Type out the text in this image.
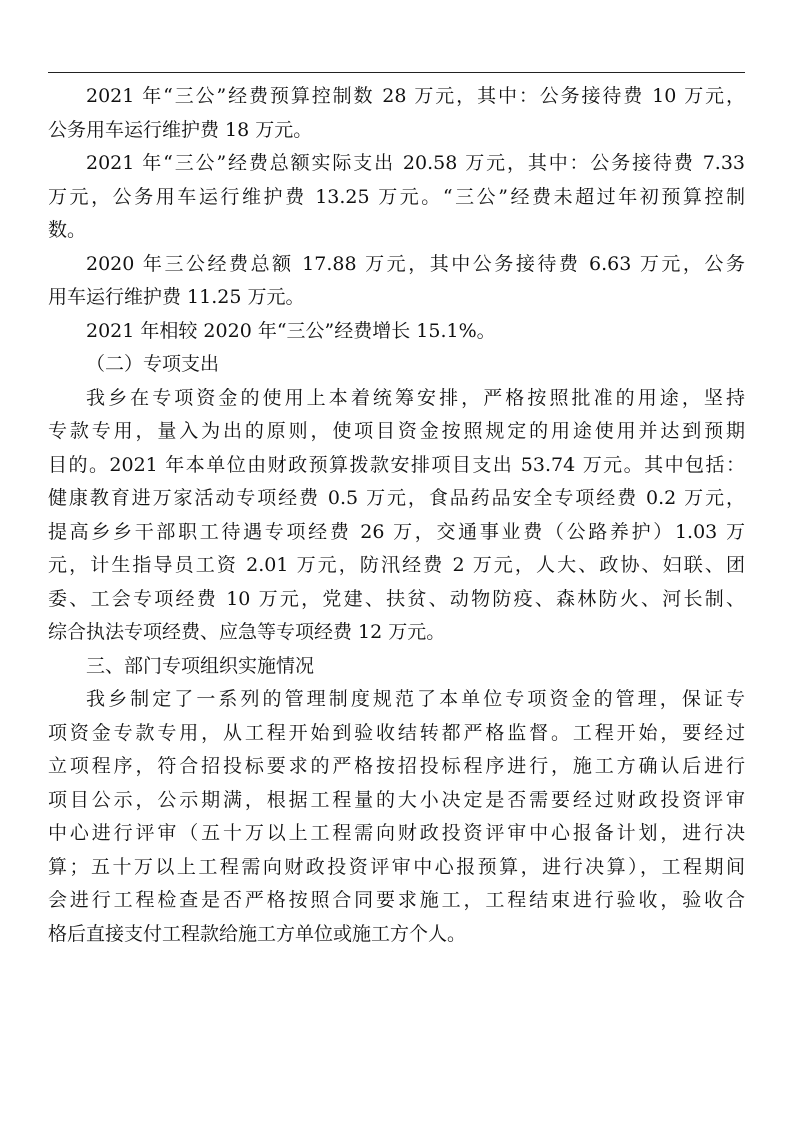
2021 年“三公”经费预算控制数 28 万元，其中：公务接待费 10 万元，
公务用车运行维护费 18 万元。
2021 年“三公”经费总额实际支出 20.58 万元，其中：公务接待费 7.33
万元，公务用车运行维护费 13.25 万元。“三公”经费未超过年初预算控制
数。
2020 年三公经费总额 17.88 万元，其中公务接待费 6.63 万元，公务
用车运行维护费 11.25 万元。
2021 年相较 2020 年“三公”经费增长 15.1%。
（二）专项支出
我乡在专项资金的使用上本着统筹安排，严格按照批准的用途，坚持
专款专用，量入为出的原则，使项目资金按照规定的用途使用并达到预期
目的。2021 年本单位由财政预算拨款安排项目支出 53.74 万元。其中包括：
健康教育进万家活动专项经费 0.5 万元，食品药品安全专项经费 0.2 万元，
提高乡乡干部职工待遇专项经费 26 万，交通事业费（公路养护）1.03 万
元，计生指导员工资 2.01 万元，防汛经费 2 万元，人大、政协、妇联、团
委、工会专项经费 10 万元，党建、扶贫、动物防疫、森林防火、河长制、
综合执法专项经费、应急等专项经费 12 万元。
三、部门专项组织实施情况
我乡制定了一系列的管理制度规范了本单位专项资金的管理，保证专
项资金专款专用，从工程开始到验收结转都严格监督。工程开始，要经过
立项程序，符合招投标要求的严格按招投标程序进行，施工方确认后进行
项目公示，公示期满，根据工程量的大小决定是否需要经过财政投资评审
中心进行评审（五十万以上工程需向财政投资评审中心报备计划，进行决
算；五十万以上工程需向财政投资评审中心报预算，进行决算），工程期间
会进行工程检查是否严格按照合同要求施工，工程结束进行验收，验收合
格后直接支付工程款给施工方单位或施工方个人。
